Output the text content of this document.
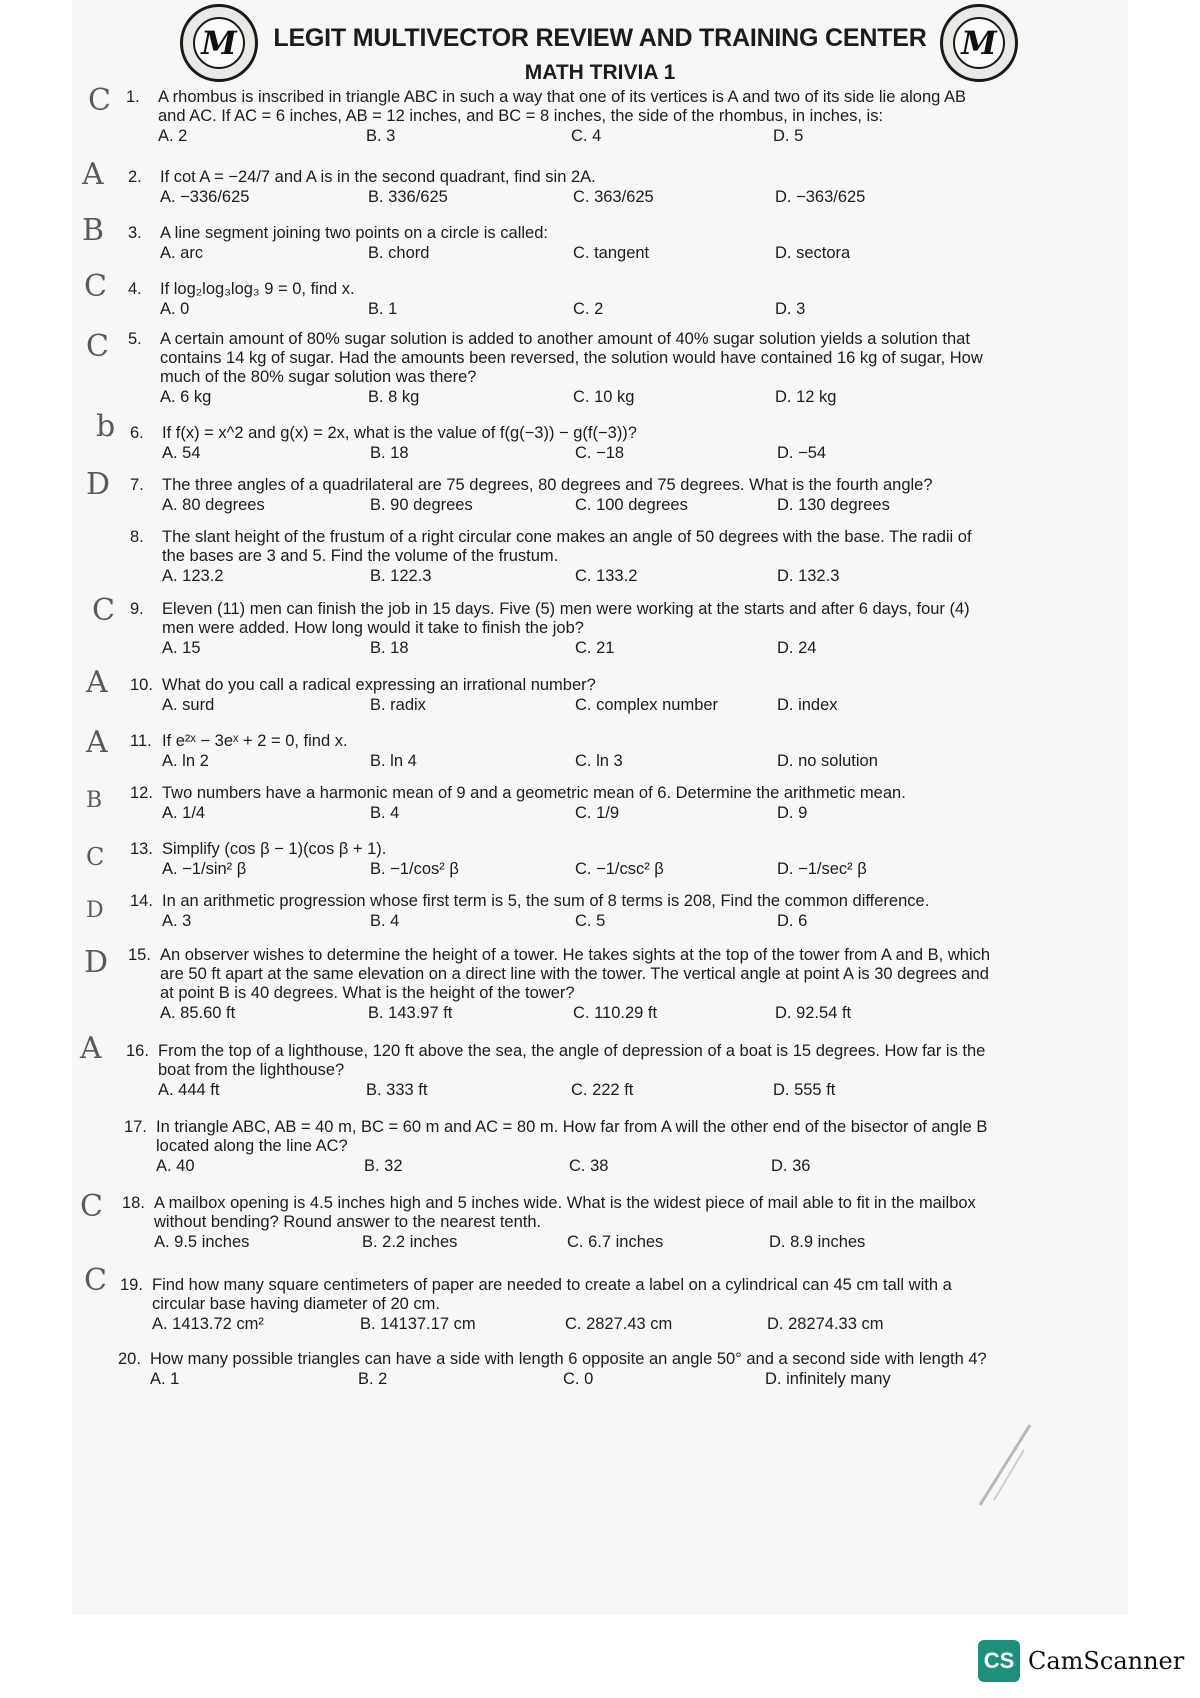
M	M
LEGIT MULTIVECTOR REVIEW AND TRAINING CENTER
MATH TRIVIA 1
C 1. A rhombus is inscribed in triangle ABC in such a way that one of its vertices is A and two of its side lie along AB and AC. If AC = 6 inches, AB = 12 inches, and BC = 8 inches, the side of the rhombus, in inches, is:
A. 2	B. 3	C. 4	D. 5
A 2. If cot A = −24/7 and A is in the second quadrant, find sin 2A.
A. −336/625	B. 336/625	C. 363/625	D. −363/625
B 3. A line segment joining two points on a circle is called:
A. arc	B. chord	C. tangent	D. sectora
C 4. If log₂log₃log₃ 9 = 0, find x.
A. 0	B. 1	C. 2	D. 3
C 5. A certain amount of 80% sugar solution is added to another amount of 40% sugar solution yields a solution that contains 14 kg of sugar. Had the amounts been reversed, the solution would have contained 16 kg of sugar, How much of the 80% sugar solution was there?
A. 6 kg	B. 8 kg	C. 10 kg	D. 12 kg
b 6. If f(x) = x^2 and g(x) = 2x, what is the value of f(g(−3)) − g(f(−3))?
A. 54	B. 18	C. −18	D. −54
D 7. The three angles of a quadrilateral are 75 degrees, 80 degrees and 75 degrees. What is the fourth angle?
A. 80 degrees	B. 90 degrees	C. 100 degrees	D. 130 degrees
8. The slant height of the frustum of a right circular cone makes an angle of 50 degrees with the base. The radii of the bases are 3 and 5. Find the volume of the frustum.
A. 123.2	B. 122.3	C. 133.2	D. 132.3
C 9. Eleven (11) men can finish the job in 15 days. Five (5) men were working at the starts and after 6 days, four (4) men were added. How long would it take to finish the job?
A. 15	B. 18	C. 21	D. 24
A 10. What do you call a radical expressing an irrational number?
A. surd	B. radix	C. complex number	D. index
A 11. If e²ˣ − 3eˣ + 2 = 0, find x.
A. ln 2	B. ln 4	C. ln 3	D. no solution
B 12. Two numbers have a harmonic mean of 9 and a geometric mean of 6. Determine the arithmetic mean.
A. 1/4	B. 4	C. 1/9	D. 9
C 13. Simplify (cos β − 1)(cos β + 1).
A. −1/sin² β	B. −1/cos² β	C. −1/csc² β	D. −1/sec² β
D 14. In an arithmetic progression whose first term is 5, the sum of 8 terms is 208, Find the common difference.
A. 3	B. 4	C. 5	D. 6
D 15. An observer wishes to determine the height of a tower. He takes sights at the top of the tower from A and B, which are 50 ft apart at the same elevation on a direct line with the tower. The vertical angle at point A is 30 degrees and at point B is 40 degrees. What is the height of the tower?
A. 85.60 ft	B. 143.97 ft	C. 110.29 ft	D. 92.54 ft
A 16. From the top of a lighthouse, 120 ft above the sea, the angle of depression of a boat is 15 degrees. How far is the boat from the lighthouse?
A. 444 ft	B. 333 ft	C. 222 ft	D. 555 ft
17. In triangle ABC, AB = 40 m, BC = 60 m and AC = 80 m. How far from A will the other end of the bisector of angle B located along the line AC?
A. 40	B. 32	C. 38	D. 36
C 18. A mailbox opening is 4.5 inches high and 5 inches wide. What is the widest piece of mail able to fit in the mailbox without bending? Round answer to the nearest tenth.
A. 9.5 inches	B. 2.2 inches	C. 6.7 inches	D. 8.9 inches
C 19. Find how many square centimeters of paper are needed to create a label on a cylindrical can 45 cm tall with a circular base having diameter of 20 cm.
A. 1413.72 cm²	B. 14137.17 cm	C. 2827.43 cm	D. 28274.33 cm
20. How many possible triangles can have a side with length 6 opposite an angle 50° and a second side with length 4?
A. 1	B. 2	C. 0	D. infinitely many
CS CamScanner
